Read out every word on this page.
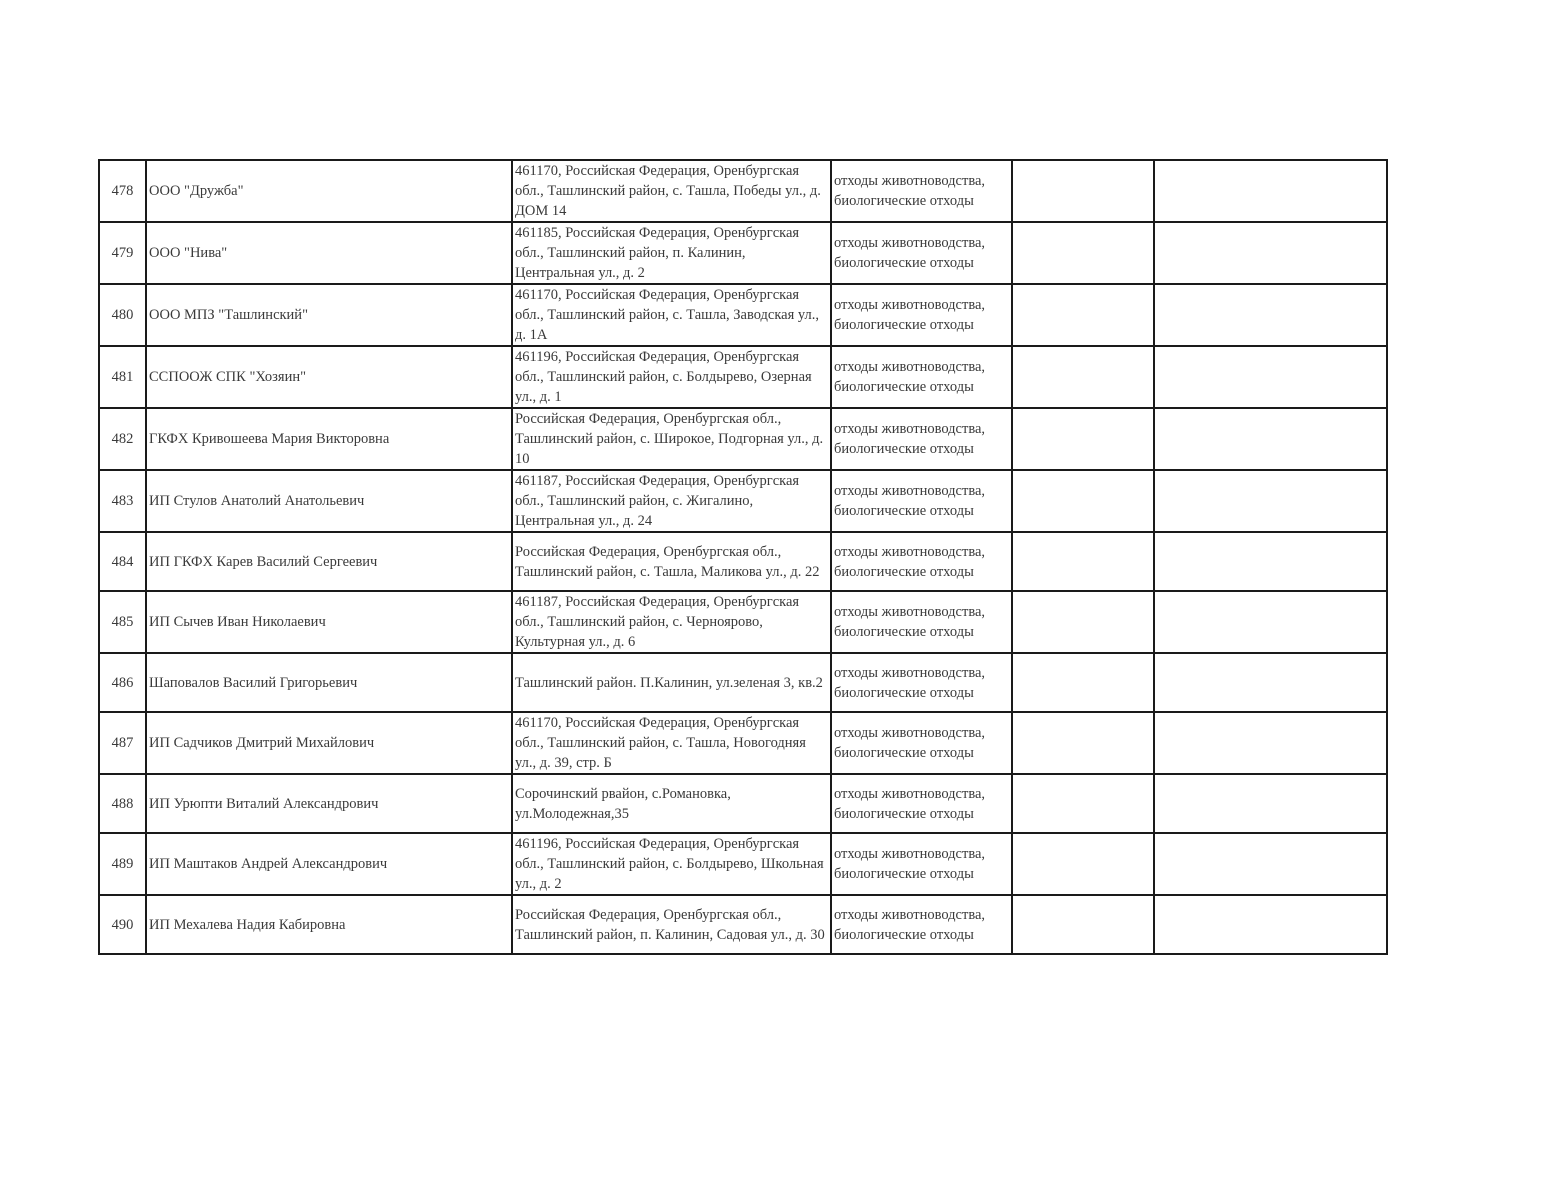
478	ООО "Дружба"	461170, Российская Федерация, Оренбургская обл., Ташлинский район, с. Ташла, Победы ул., д. ДОМ 14	отходы животноводства, биологические отходы		
479	ООО "Нива"	461185, Российская Федерация, Оренбургская обл., Ташлинский район, п. Калинин, Центральная ул., д. 2	отходы животноводства, биологические отходы		
480	ООО МПЗ "Ташлинский"	461170, Российская Федерация, Оренбургская обл., Ташлинский район, с. Ташла, Заводская ул., д. 1А	отходы животноводства, биологические отходы		
481	ССПООЖ СПК "Хозяин"	461196, Российская Федерация, Оренбургская обл., Ташлинский район, с. Болдырево, Озерная ул., д. 1	отходы животноводства, биологические отходы		
482	ГКФХ Кривошеева Мария Викторовна	Российская Федерация, Оренбургская обл., Ташлинский район, с. Широкое, Подгорная ул., д. 10	отходы животноводства, биологические отходы		
483	ИП Стулов Анатолий Анатольевич	461187, Российская Федерация, Оренбургская обл., Ташлинский район, с. Жигалино, Центральная ул., д. 24	отходы животноводства, биологические отходы		
484	ИП ГКФХ Карев Василий Сергеевич	Российская Федерация, Оренбургская обл., Ташлинский район, с. Ташла, Маликова ул., д. 22	отходы животноводства, биологические отходы		
485	ИП Сычев Иван Николаевич	461187, Российская Федерация, Оренбургская обл., Ташлинский район, с. Черноярово, Культурная ул., д. 6	отходы животноводства, биологические отходы		
486	Шаповалов Василий Григорьевич	Ташлинский район. П.Калинин, ул.зеленая 3, кв.2	отходы животноводства, биологические отходы		
487	ИП Садчиков Дмитрий Михайлович	461170, Российская Федерация, Оренбургская обл., Ташлинский район, с. Ташла, Новогодняя ул., д. 39, стр. Б	отходы животноводства, биологические отходы		
488	ИП Урюпти Виталий Александрович	Сорочинский рвайон, с.Романовка, ул.Молодежная,35	отходы животноводства, биологические отходы		
489	ИП Маштаков Андрей Александрович	461196, Российская Федерация, Оренбургская обл., Ташлинский район, с. Болдырево, Школьная ул., д. 2	отходы животноводства, биологические отходы		
490	ИП Мехалева Надия Кабировна	Российская Федерация, Оренбургская обл., Ташлинский район, п. Калинин, Садовая ул., д. 30	отходы животноводства, биологические отходы		
